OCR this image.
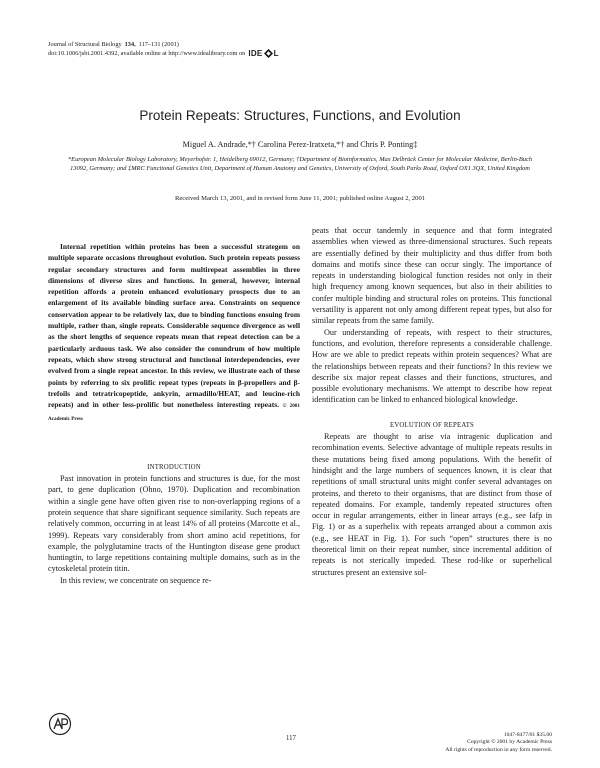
Journal of Structural Biology 134, 117–131 (2001)
doi:10.1006/jsbi.2001.4392, available online at http://www.idealibrary.com on IDE L
Protein Repeats: Structures, Functions, and Evolution
Miguel A. Andrade,*† Carolina Perez-Iratxeta,*† and Chris P. Ponting‡
*European Molecular Biology Laboratory, Meyerhofstr. 1, Heidelberg 69012, Germany; †Department of Bioinformatics, Max Delbrück Center for Molecular Medicine, Berlin-Buch 13092, Germany; and ‡MRC Functional Genetics Unit, Department of Human Anatomy and Genetics, University of Oxford, South Parks Road, Oxford OX1 3QX, United Kingdom
Received March 13, 2001, and in revised form June 11, 2001; published online August 2, 2001

Internal repetition within proteins has been a successful strategem on multiple separate occasions throughout evolution. Such protein repeats possess regular secondary structures and form multirepeat assemblies in three dimensions of diverse sizes and functions. In general, however, internal repetition affords a protein enhanced evolutionary prospects due to an enlargement of its available binding surface area. Constraints on sequence conservation appear to be relatively lax, due to binding functions ensuing from multiple, rather than, single repeats. Considerable sequence divergence as well as the short lengths of sequence repeats mean that repeat detection can be a particularly arduous task. We also consider the conundrum of how multiple repeats, which show strong structural and functional interdependencies, ever evolved from a single repeat ancestor. In this review, we illustrate each of these points by referring to six prolific repeat types (repeats in β-propellers and β-trefoils and tetratricopeptide, ankyrin, armadillo/HEAT, and leucine-rich repeats) and in other less-prolific but nonetheless interesting repeats. © 2001 Academic Press

INTRODUCTION

Past innovation in protein functions and structures is due, for the most part, to gene duplication (Ohno, 1970). Duplication and recombination within a single gene have often given rise to non-overlapping regions of a protein sequence that share significant sequence similarity. Such repeats are relatively common, occurring in at least 14% of all proteins (Marcotte et al., 1999). Repeats vary considerably from short amino acid repetitions, for example, the polyglutamine tracts of the Huntington disease gene product huntingtin, to large repetitions containing multiple domains, such as in the cytoskeletal protein titin.

In this review, we concentrate on sequence re-

peats that occur tandemly in sequence and that form integrated assemblies when viewed as three-dimensional structures. Such repeats are essentially defined by their multiplicity and thus differ from both domains and motifs since these can occur singly. The importance of repeats in understanding biological function resides not only in their high frequency among known sequences, but also in their abilities to confer multiple binding and structural roles on proteins. This functional versatility is apparent not only among different repeat types, but also for similar repeats from the same family.

Our understanding of repeats, with respect to their structures, functions, and evolution, therefore represents a considerable challenge. How are we able to predict repeats within protein sequences? What are the relationships between repeats and their functions? In this review we describe six major repeat classes and their functions, structures, and possible evolutionary mechanisms. We attempt to describe how repeat identification can be linked to enhanced biological knowledge.

EVOLUTION OF REPEATS

Repeats are thought to arise via intragenic duplication and recombination events. Selective advantage of multiple repeats results in these mutations being fixed among populations. With the benefit of hindsight and the large numbers of sequences known, it is clear that repetitions of small structural units might confer several advantages on proteins, and thereto to their organisms, that are distinct from those of repeated domains. For example, tandemly repeated structures often occur in regular arrangements, either in linear arrays (e.g., see Iafp in Fig. 1) or as a superhelix with repeats arranged about a common axis (e.g., see HEAT in Fig. 1). For such “open” structures there is no theoretical limit on their repeat number, since incremental addition of repeats is not sterically impeded. These rod-like or superhelical structures present an extensive sol-

117	1047-8477/01 $35.00
Copyright © 2001 by Academic Press
All rights of reproduction in any form reserved.
